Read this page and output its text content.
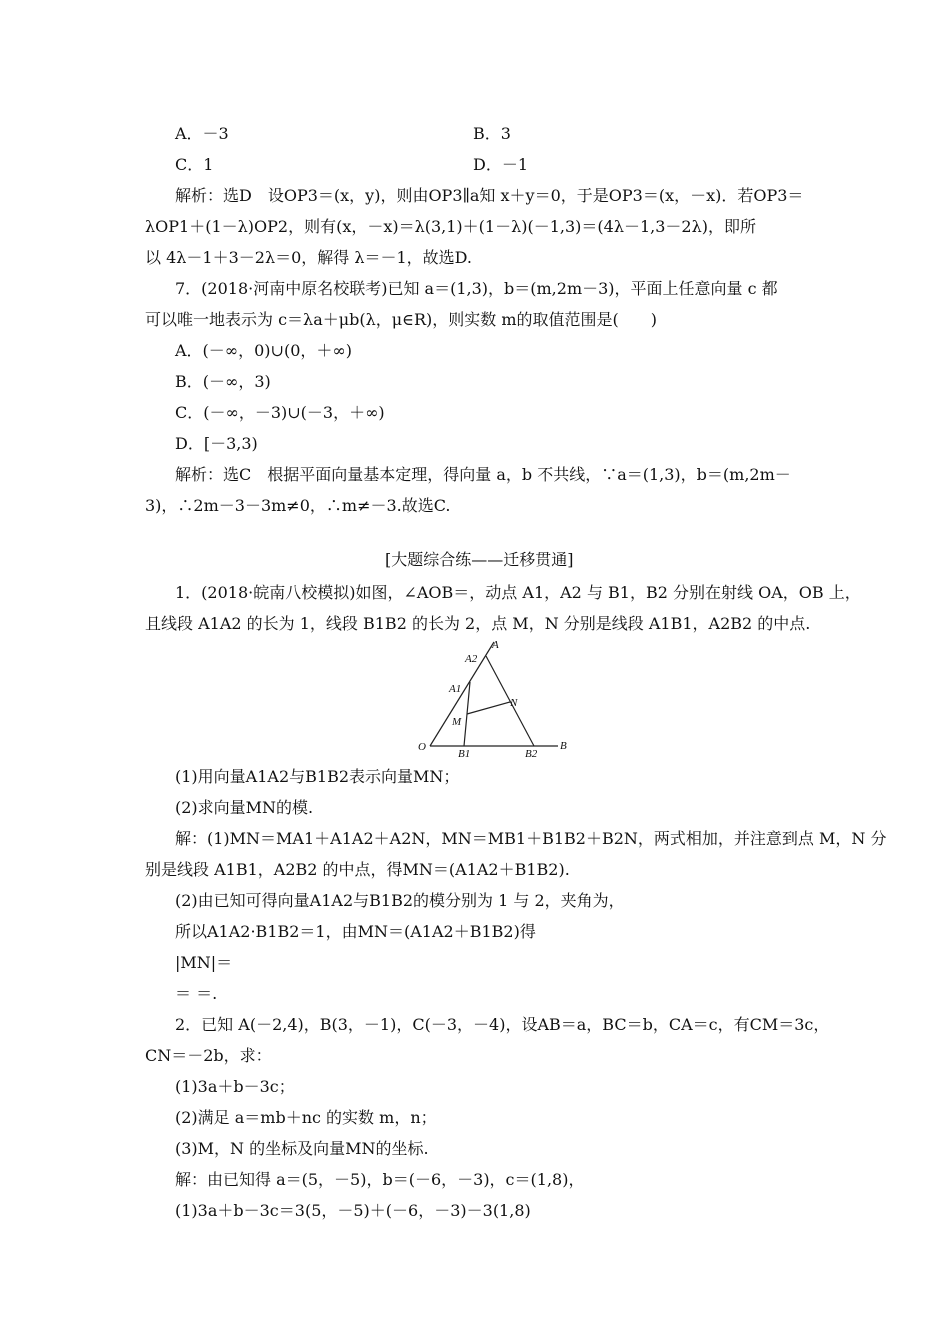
A．－3	B．3
C．1	D．－1
解析：选D　设OP3＝(x，y)，则由OP3∥a知 x＋y＝0，于是OP3＝(x，－x)．若OP3＝
λOP1＋(1－λ)OP2，则有(x，－x)＝λ(3,1)＋(1－λ)(－1,3)＝(4λ－1,3－2λ)，即所
以 4λ－1＋3－2λ＝0，解得 λ＝－1，故选D.
7．(2018·河南中原名校联考)已知 a＝(1,3)，b＝(m,2m－3)，平面上任意向量 c 都
可以唯一地表示为 c＝λa＋μb(λ，μ∈R)，则实数 m的取值范围是(　　)
A．(－∞，0)∪(0，＋∞)
B．(－∞，3)
C．(－∞，－3)∪(－3，＋∞)
D．[－3,3)
解析：选C　根据平面向量基本定理，得向量 a，b 不共线，∵a＝(1,3)，b＝(m,2m－
3)，∴2m－3－3m≠0，∴m≠－3.故选C.
[大题综合练——迁移贯通]
1．(2018·皖南八校模拟)如图，∠AOB＝，动点 A1，A2 与 B1，B2 分别在射线 OA，OB 上，
且线段 A1A2 的长为 1，线段 B1B2 的长为 2，点 M，N 分别是线段 A1B1，A2B2 的中点.
A2
A
A1
N
M
O
B1	B2
B
(1)用向量A1A2与B1B2表示向量MN；
(2)求向量MN的模.
解：(1)MN＝MA1＋A1A2＋A2N，MN＝MB1＋B1B2＋B2N，两式相加，并注意到点 M，N 分
别是线段 A1B1，A2B2 的中点，得MN＝(A1A2＋B1B2).
(2)由已知可得向量A1A2与B1B2的模分别为 1 与 2，夹角为，
所以A1A2·B1B2＝1，由MN＝(A1A2＋B1B2)得
|MN|＝
＝ ＝.
2．已知 A(－2,4)，B(3，－1)，C(－3，－4)，设AB＝a，BC＝b，CA＝c，有CM＝3c，
CN＝－2b，求：
(1)3a＋b－3c；
(2)满足 a＝mb＋nc 的实数 m，n；
(3)M，N 的坐标及向量MN的坐标.
解：由已知得 a＝(5，－5)，b＝(－6，－3)，c＝(1,8)，
(1)3a＋b－3c＝3(5，－5)＋(－6，－3)－3(1,8)
